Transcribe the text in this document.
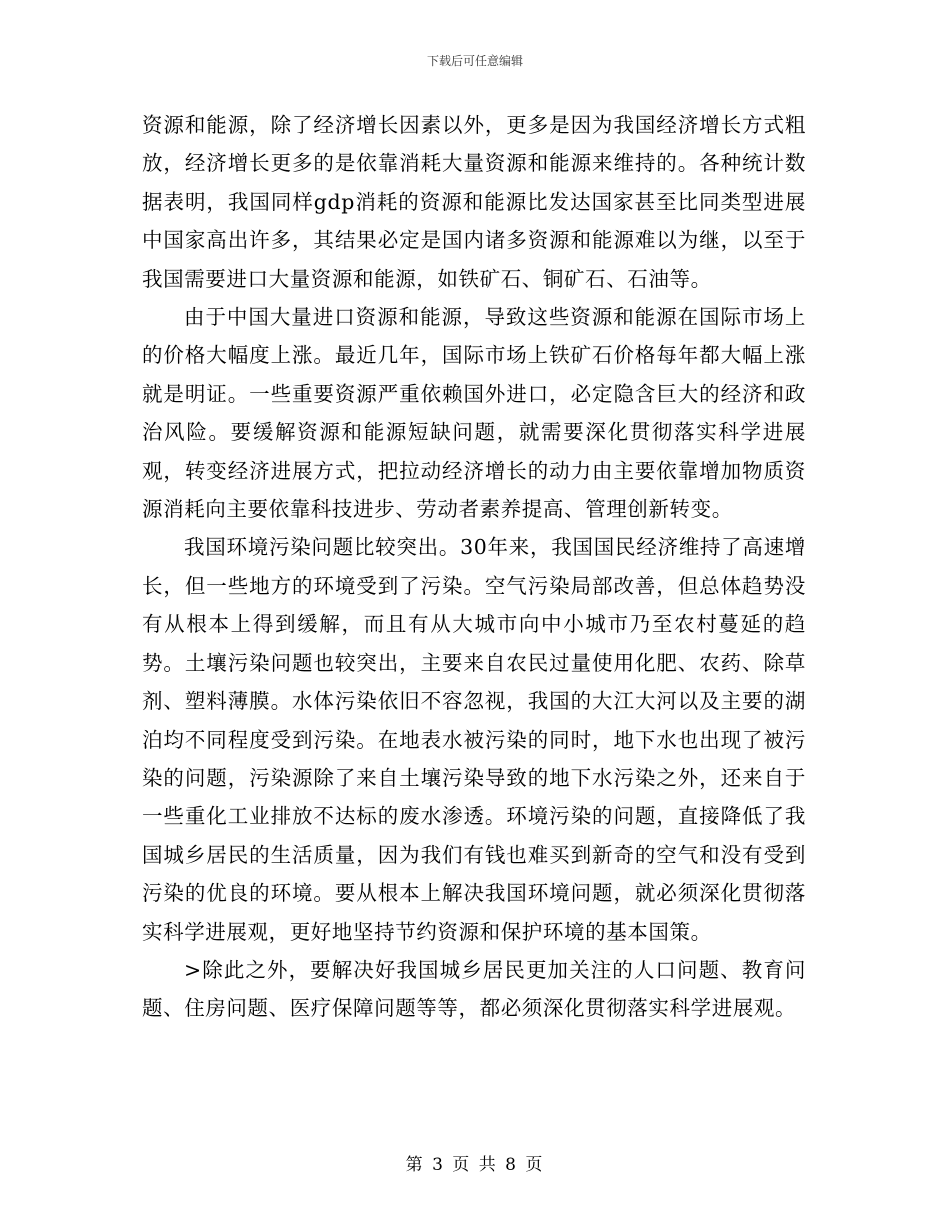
下载后可任意编辑

资源和能源，除了经济增长因素以外，更多是因为我国经济增长方式粗放，经济增长更多的是依靠消耗大量资源和能源来维持的。各种统计数据表明，我国同样gdp消耗的资源和能源比发达国家甚至比同类型进展中国家高出许多，其结果必定是国内诸多资源和能源难以为继，以至于我国需要进口大量资源和能源，如铁矿石、铜矿石、石油等。

由于中国大量进口资源和能源，导致这些资源和能源在国际市场上的价格大幅度上涨。最近几年，国际市场上铁矿石价格每年都大幅上涨就是明证。一些重要资源严重依赖国外进口，必定隐含巨大的经济和政治风险。要缓解资源和能源短缺问题，就需要深化贯彻落实科学进展观，转变经济进展方式，把拉动经济增长的动力由主要依靠增加物质资源消耗向主要依靠科技进步、劳动者素养提高、管理创新转变。

我国环境污染问题比较突出。30年来，我国国民经济维持了高速增长，但一些地方的环境受到了污染。空气污染局部改善，但总体趋势没有从根本上得到缓解，而且有从大城市向中小城市乃至农村蔓延的趋势。土壤污染问题也较突出，主要来自农民过量使用化肥、农药、除草剂、塑料薄膜。水体污染依旧不容忽视，我国的大江大河以及主要的湖泊均不同程度受到污染。在地表水被污染的同时，地下水也出现了被污染的问题，污染源除了来自土壤污染导致的地下水污染之外，还来自于一些重化工业排放不达标的废水渗透。环境污染的问题，直接降低了我国城乡居民的生活质量，因为我们有钱也难买到新奇的空气和没有受到污染的优良的环境。要从根本上解决我国环境问题，就必须深化贯彻落实科学进展观，更好地坚持节约资源和保护环境的基本国策。

>除此之外，要解决好我国城乡居民更加关注的人口问题、教育问题、住房问题、医疗保障问题等等，都必须深化贯彻落实科学进展观。

第 3 页 共 8 页
